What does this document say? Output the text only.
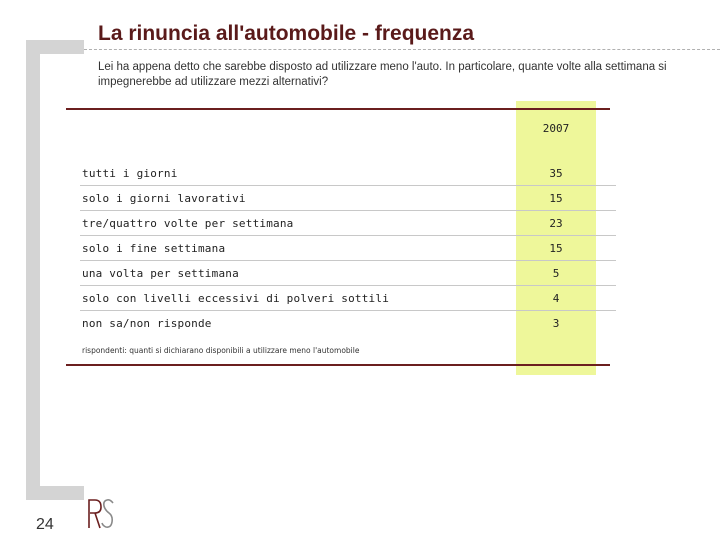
La rinuncia all'automobile - frequenza
Lei ha appena detto che sarebbe disposto ad utilizzare meno l'auto. In particolare, quante volte alla settimana si impegnerebbe ad utilizzare mezzi alternativi?
2007
tutti i giorni	35
solo i giorni lavorativi	15
tre/quattro volte per settimana	23
solo i fine settimana	15
una volta per settimana	5
solo con livelli eccessivi di polveri sottili	4
non sa/non risponde	3
rispondenti: quanti si dichiarano disponibili a utilizzare meno l'automobile
24
